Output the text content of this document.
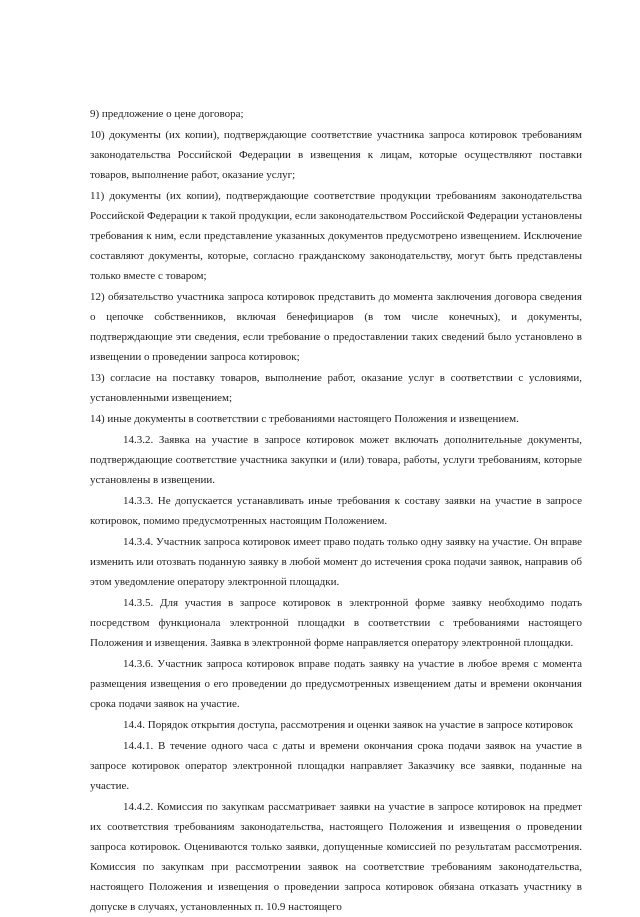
9) предложение о цене договора;

10) документы (их копии), подтверждающие соответствие участника запроса котировок требованиям законодательства Российской Федерации в извещения к лицам, которые осуществляют поставки товаров, выполнение работ, оказание услуг;

11) документы (их копии), подтверждающие соответствие продукции требованиям законодательства Российской Федерации к такой продукции, если законодательством Российской Федерации установлены требования к ним, если представление указанных документов предусмотрено извещением. Исключение составляют документы, которые, согласно гражданскому законодательству, могут быть представлены только вместе с товаром;

12) обязательство участника запроса котировок представить до момента заключения договора сведения о цепочке собственников, включая бенефициаров (в том числе конечных), и документы, подтверждающие эти сведения, если требование о предоставлении таких сведений было установлено в извещении о проведении запроса котировок;

13) согласие на поставку товаров, выполнение работ, оказание услуг в соответствии с условиями, установленными извещением;

14) иные документы в соответствии с требованиями настоящего Положения и извещением.

14.3.2. Заявка на участие в запросе котировок может включать дополнительные документы, подтверждающие соответствие участника закупки и (или) товара, работы, услуги требованиям, которые установлены в извещении.

14.3.3. Не допускается устанавливать иные требования к составу заявки на участие в запросе котировок, помимо предусмотренных настоящим Положением.

14.3.4. Участник запроса котировок имеет право подать только одну заявку на участие. Он вправе изменить или отозвать поданную заявку в любой момент до истечения срока подачи заявок, направив об этом уведомление оператору электронной площадки.

14.3.5. Для участия в запросе котировок в электронной форме заявку необходимо подать посредством функционала электронной площадки в соответствии с требованиями настоящего Положения и извещения. Заявка в электронной форме направляется оператору электронной площадки.

14.3.6. Участник запроса котировок вправе подать заявку на участие в любое время с момента размещения извещения о его проведении до предусмотренных извещением даты и времени окончания срока подачи заявок на участие.

14.4. Порядок открытия доступа, рассмотрения и оценки заявок на участие в запросе котировок

14.4.1. В течение одного часа с даты и времени окончания срока подачи заявок на участие в запросе котировок оператор электронной площадки направляет Заказчику все заявки, поданные на участие.

14.4.2. Комиссия по закупкам рассматривает заявки на участие в запросе котировок на предмет их соответствия требованиям законодательства, настоящего Положения и извещения о проведении запроса котировок. Оцениваются только заявки, допущенные комиссией по результатам рассмотрения. Комиссия по закупкам при рассмотрении заявок на соответствие требованиям законодательства, настоящего Положения и извещения о проведении запроса котировок обязана отказать участнику в допуске в случаях, установленных п. 10.9 настоящего
